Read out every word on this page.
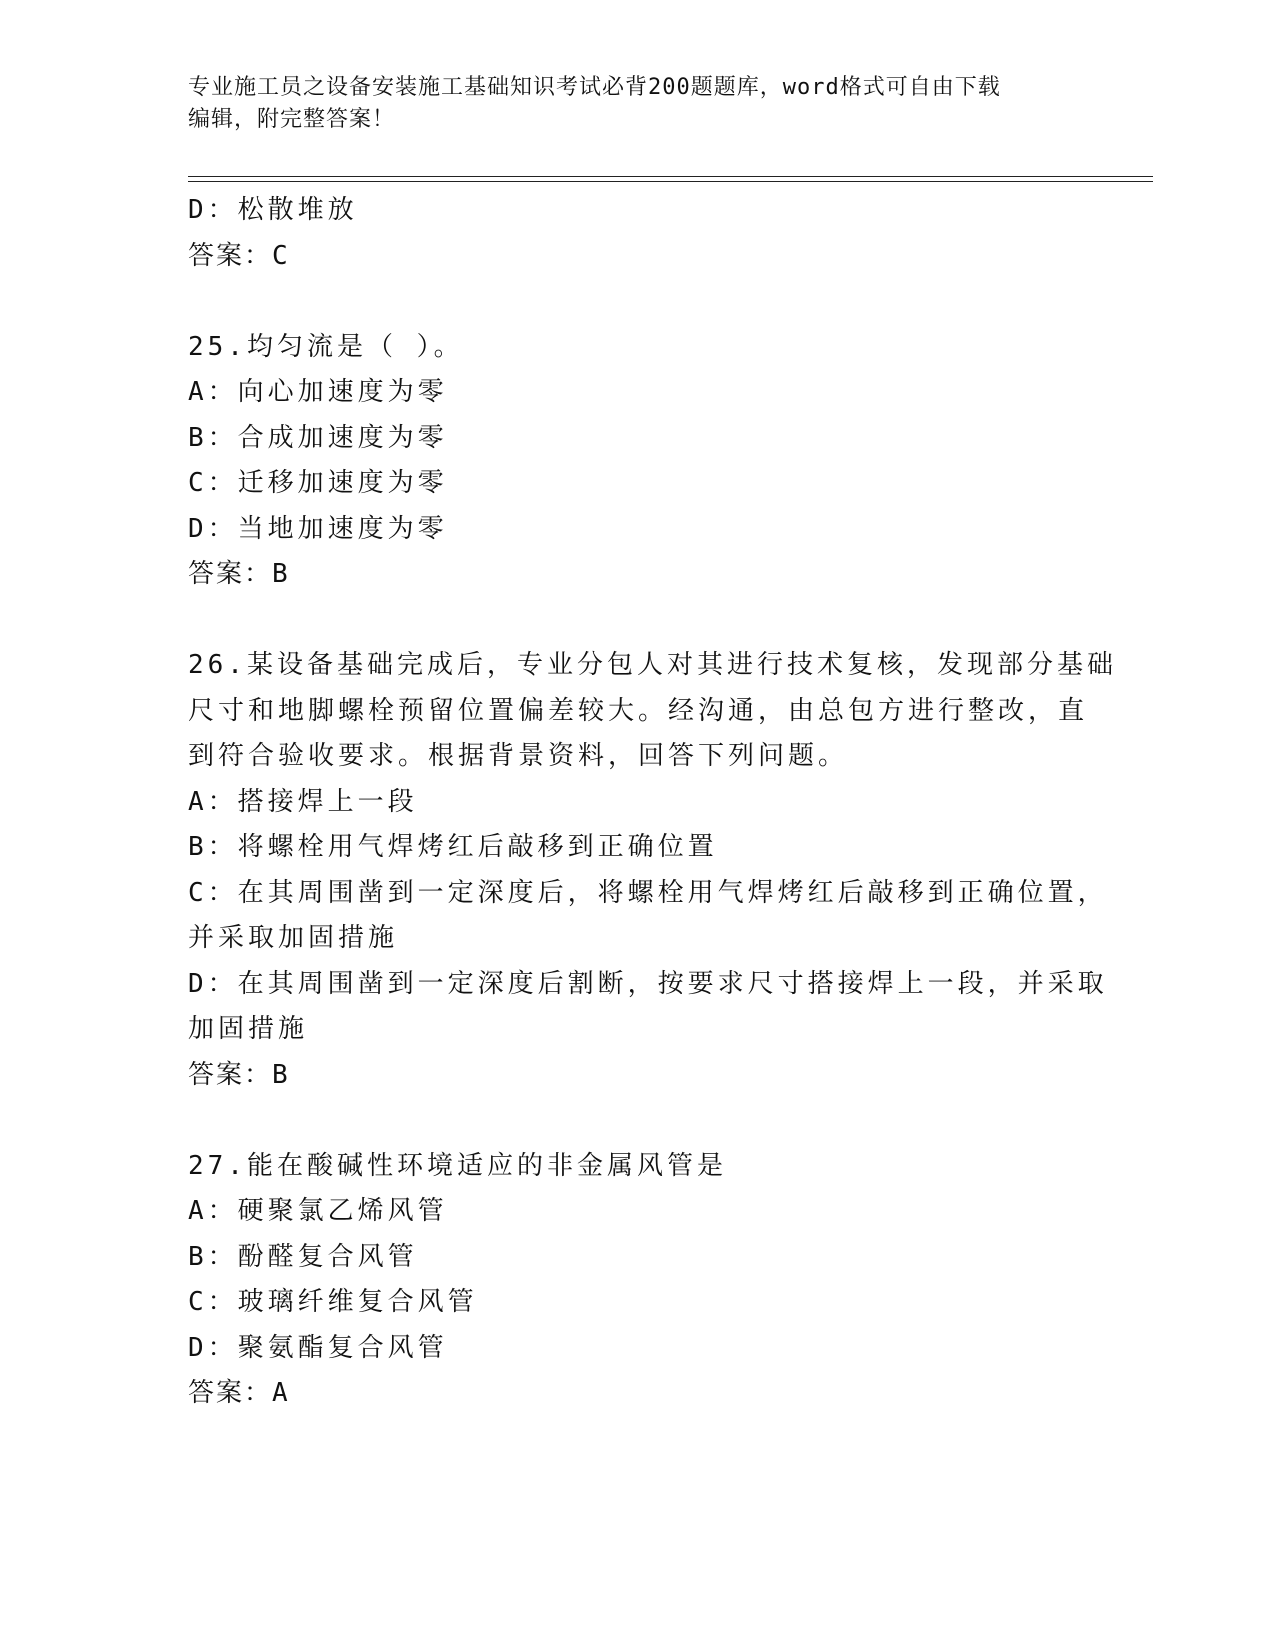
专业施工员之设备安装施工基础知识考试必背200题题库，word格式可自由下载
编辑，附完整答案！
D：松散堆放
答案：C
25.均匀流是（ ）。
A：向心加速度为零
B：合成加速度为零
C：迁移加速度为零
D：当地加速度为零
答案：B
26.某设备基础完成后，专业分包人对其进行技术复核，发现部分基础
尺寸和地脚螺栓预留位置偏差较大。经沟通，由总包方进行整改，直
到符合验收要求。根据背景资料，回答下列问题。
A：搭接焊上一段
B：将螺栓用气焊烤红后敲移到正确位置
C：在其周围凿到一定深度后，将螺栓用气焊烤红后敲移到正确位置，
并采取加固措施
D：在其周围凿到一定深度后割断，按要求尺寸搭接焊上一段，并采取
加固措施
答案：B
27.能在酸碱性环境适应的非金属风管是
A：硬聚氯乙烯风管
B：酚醛复合风管
C：玻璃纤维复合风管
D：聚氨酯复合风管
答案：A
